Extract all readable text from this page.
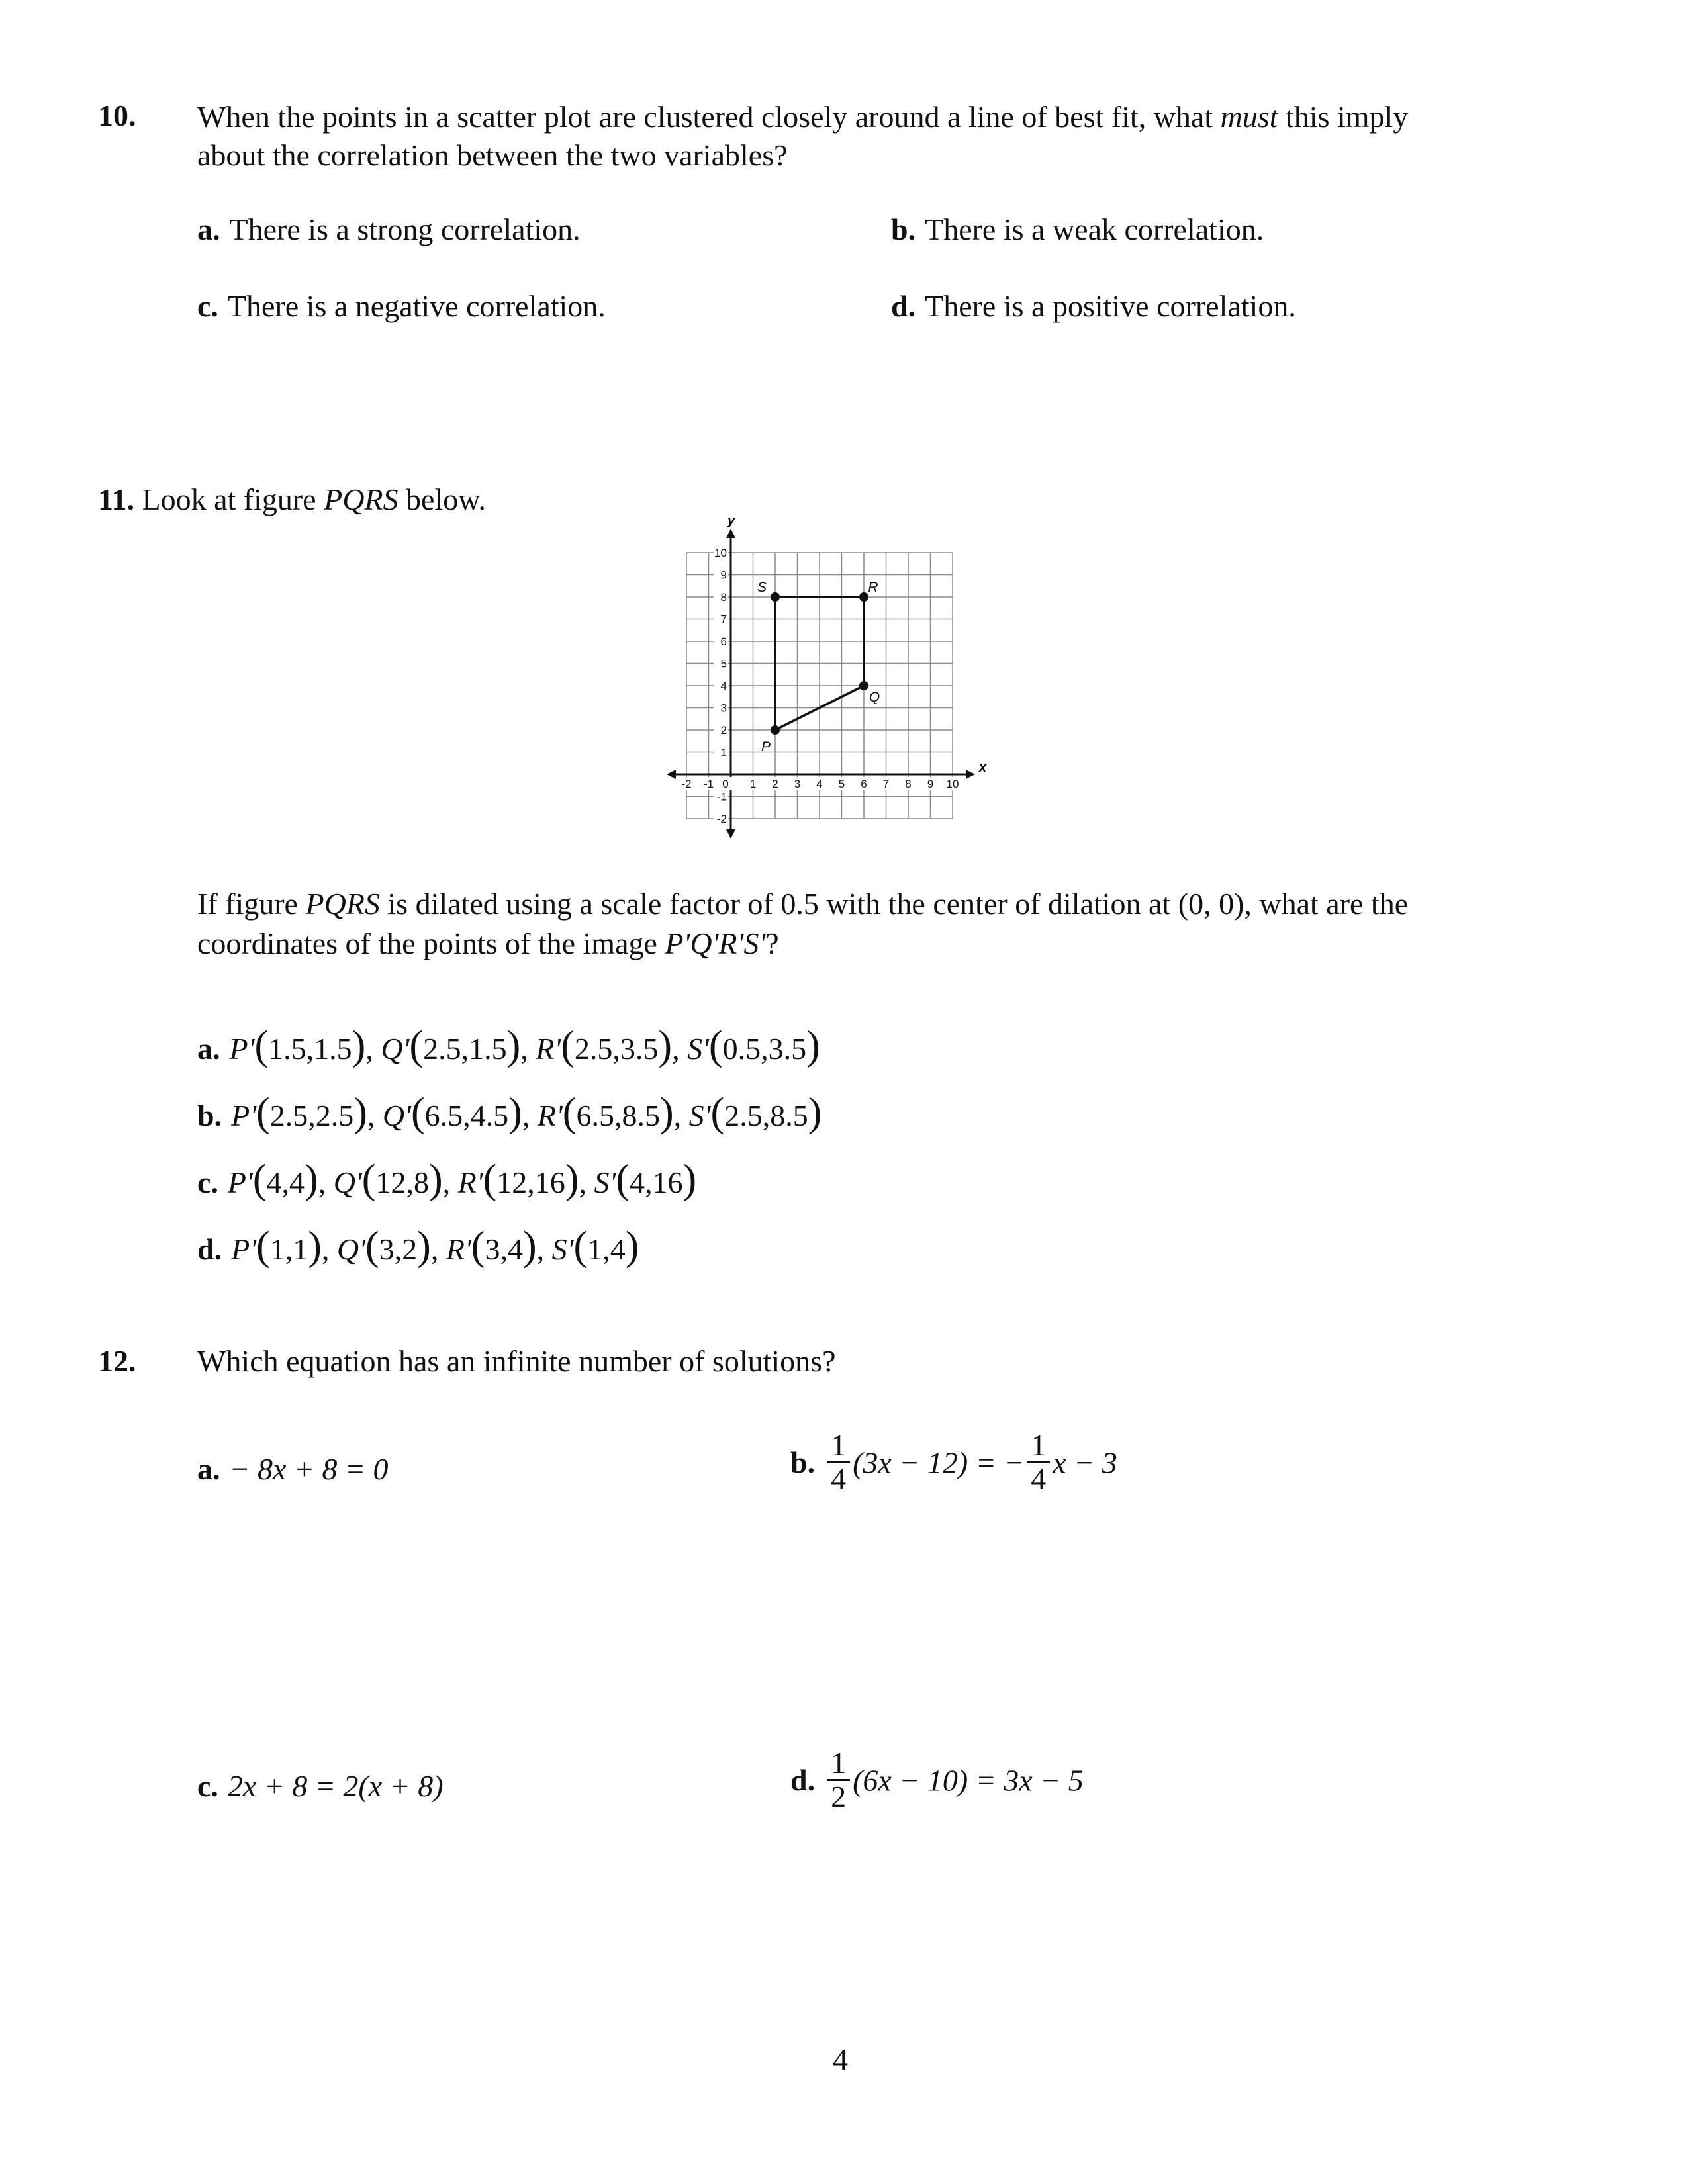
10. When the points in a scatter plot are clustered closely around a line of best fit, what must this imply
about the correlation between the two variables?
a. There is a strong correlation.	b. There is a weak correlation.
c. There is a negative correlation.	d. There is a positive correlation.
11. Look at figure PQRS below.
x
y
-2 -1 0 1 2 3 4 5 6 7 8 9 10
10
9
8
7
6
5
4
3
2
1
-1
-2
P
Q
R
S
If figure PQRS is dilated using a scale factor of 0.5 with the center of dilation at (0, 0), what are the
coordinates of the points of the image P'Q'R'S'?
a. P'(1.5,1.5), Q'(2.5,1.5), R'(2.5,3.5), S'(0.5,3.5)
b. P'(2.5,2.5), Q'(6.5,4.5), R'(6.5,8.5), S'(2.5,8.5)
c. P'(4,4), Q'(12,8), R'(12,16), S'(4,16)
d. P'(1,1), Q'(3,2), R'(3,4), S'(1,4)
12. Which equation has an infinite number of solutions?
a. − 8x + 8 = 0	b. $\frac{1}{4} (3x - 12)$ = − $\frac{1}{4}$ x − 3
c. 2x + 8 = 2(x + 8)	d. $\frac{1}{2} (6x - 10) = 3x - 5$
4
